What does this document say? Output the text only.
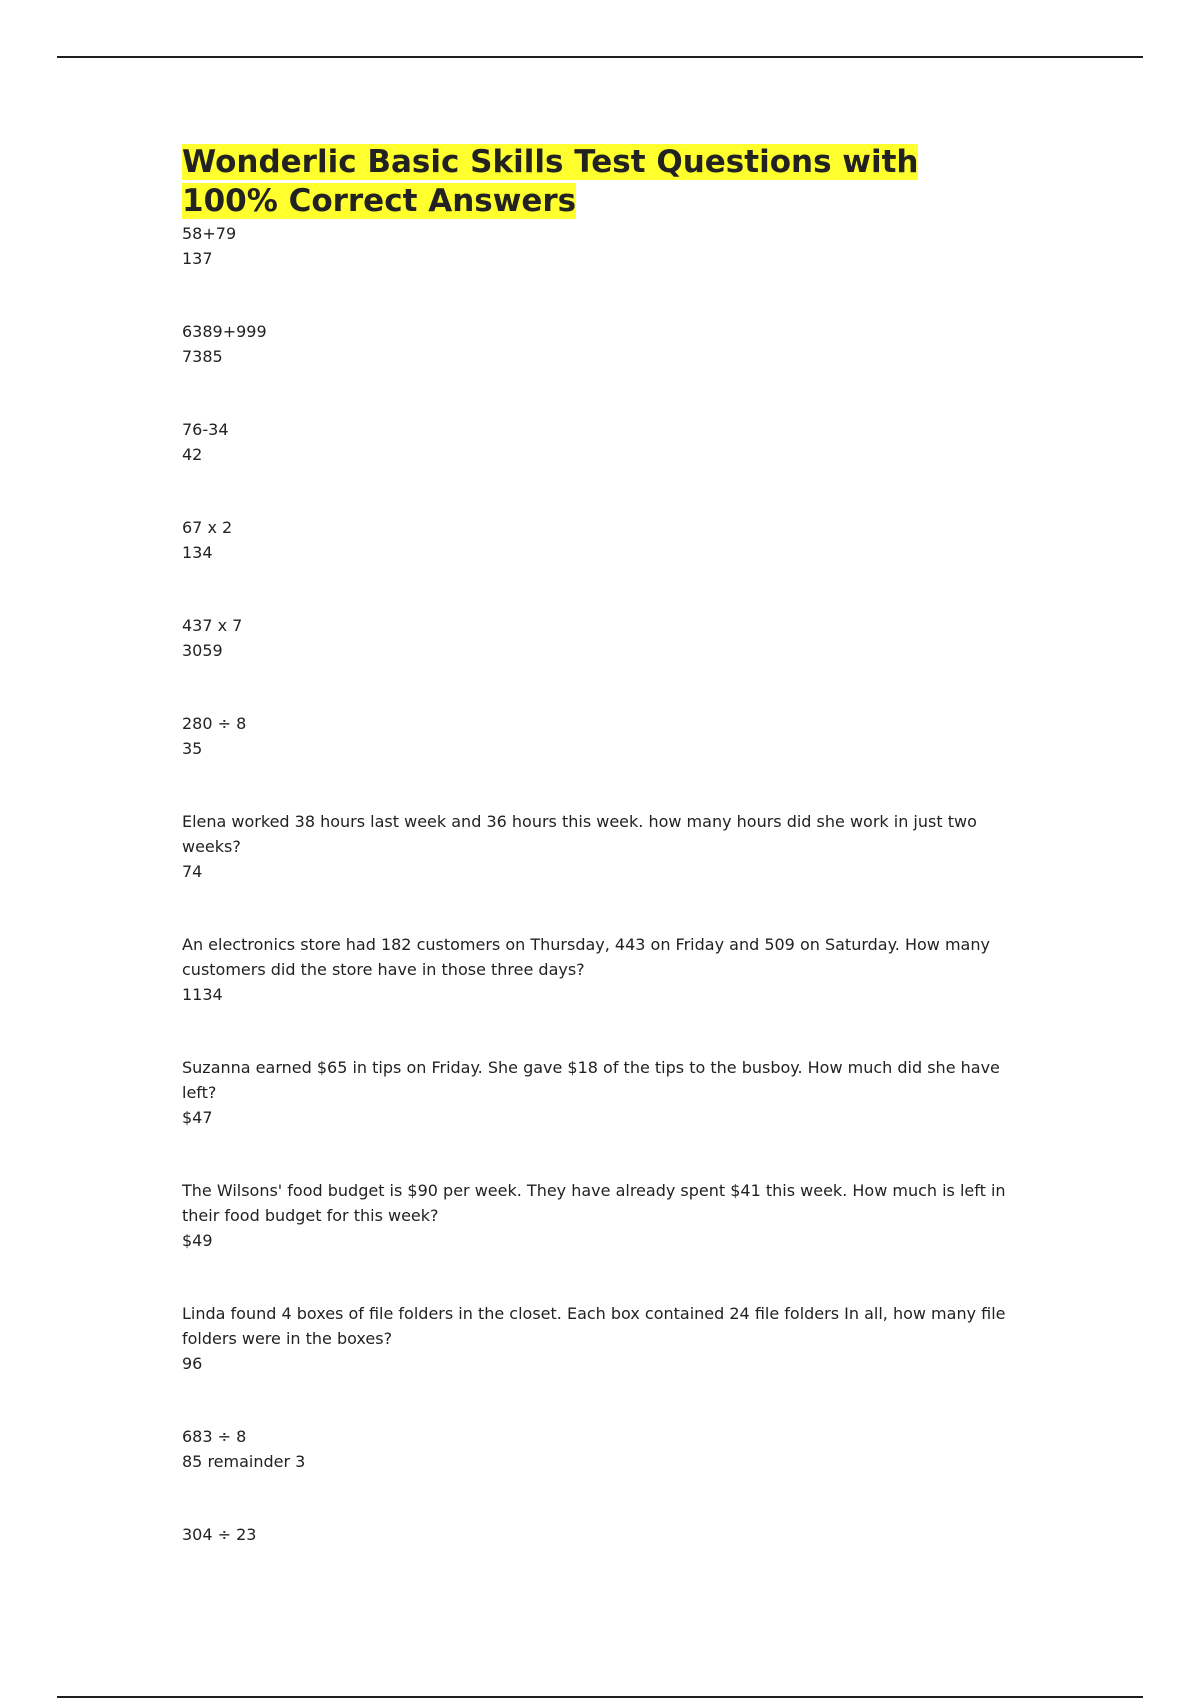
Wonderlic Basic Skills Test Questions with 100% Correct Answers
58+79
137
6389+999
7385
76-34
42
67 x 2
134
437 x 7
3059
280 ÷ 8
35
Elena worked 38 hours last week and 36 hours this week. how many hours did she work in just two weeks?
74
An electronics store had 182 customers on Thursday, 443 on Friday and 509 on Saturday. How many customers did the store have in those three days?
1134
Suzanna earned $65 in tips on Friday. She gave $18 of the tips to the busboy. How much did she have left?
$47
The Wilsons' food budget is $90 per week. They have already spent $41 this week. How much is left in their food budget for this week?
$49
Linda found 4 boxes of file folders in the closet. Each box contained 24 file folders In all, how many file folders were in the boxes?
96
683 ÷ 8
85 remainder 3
304 ÷ 23
